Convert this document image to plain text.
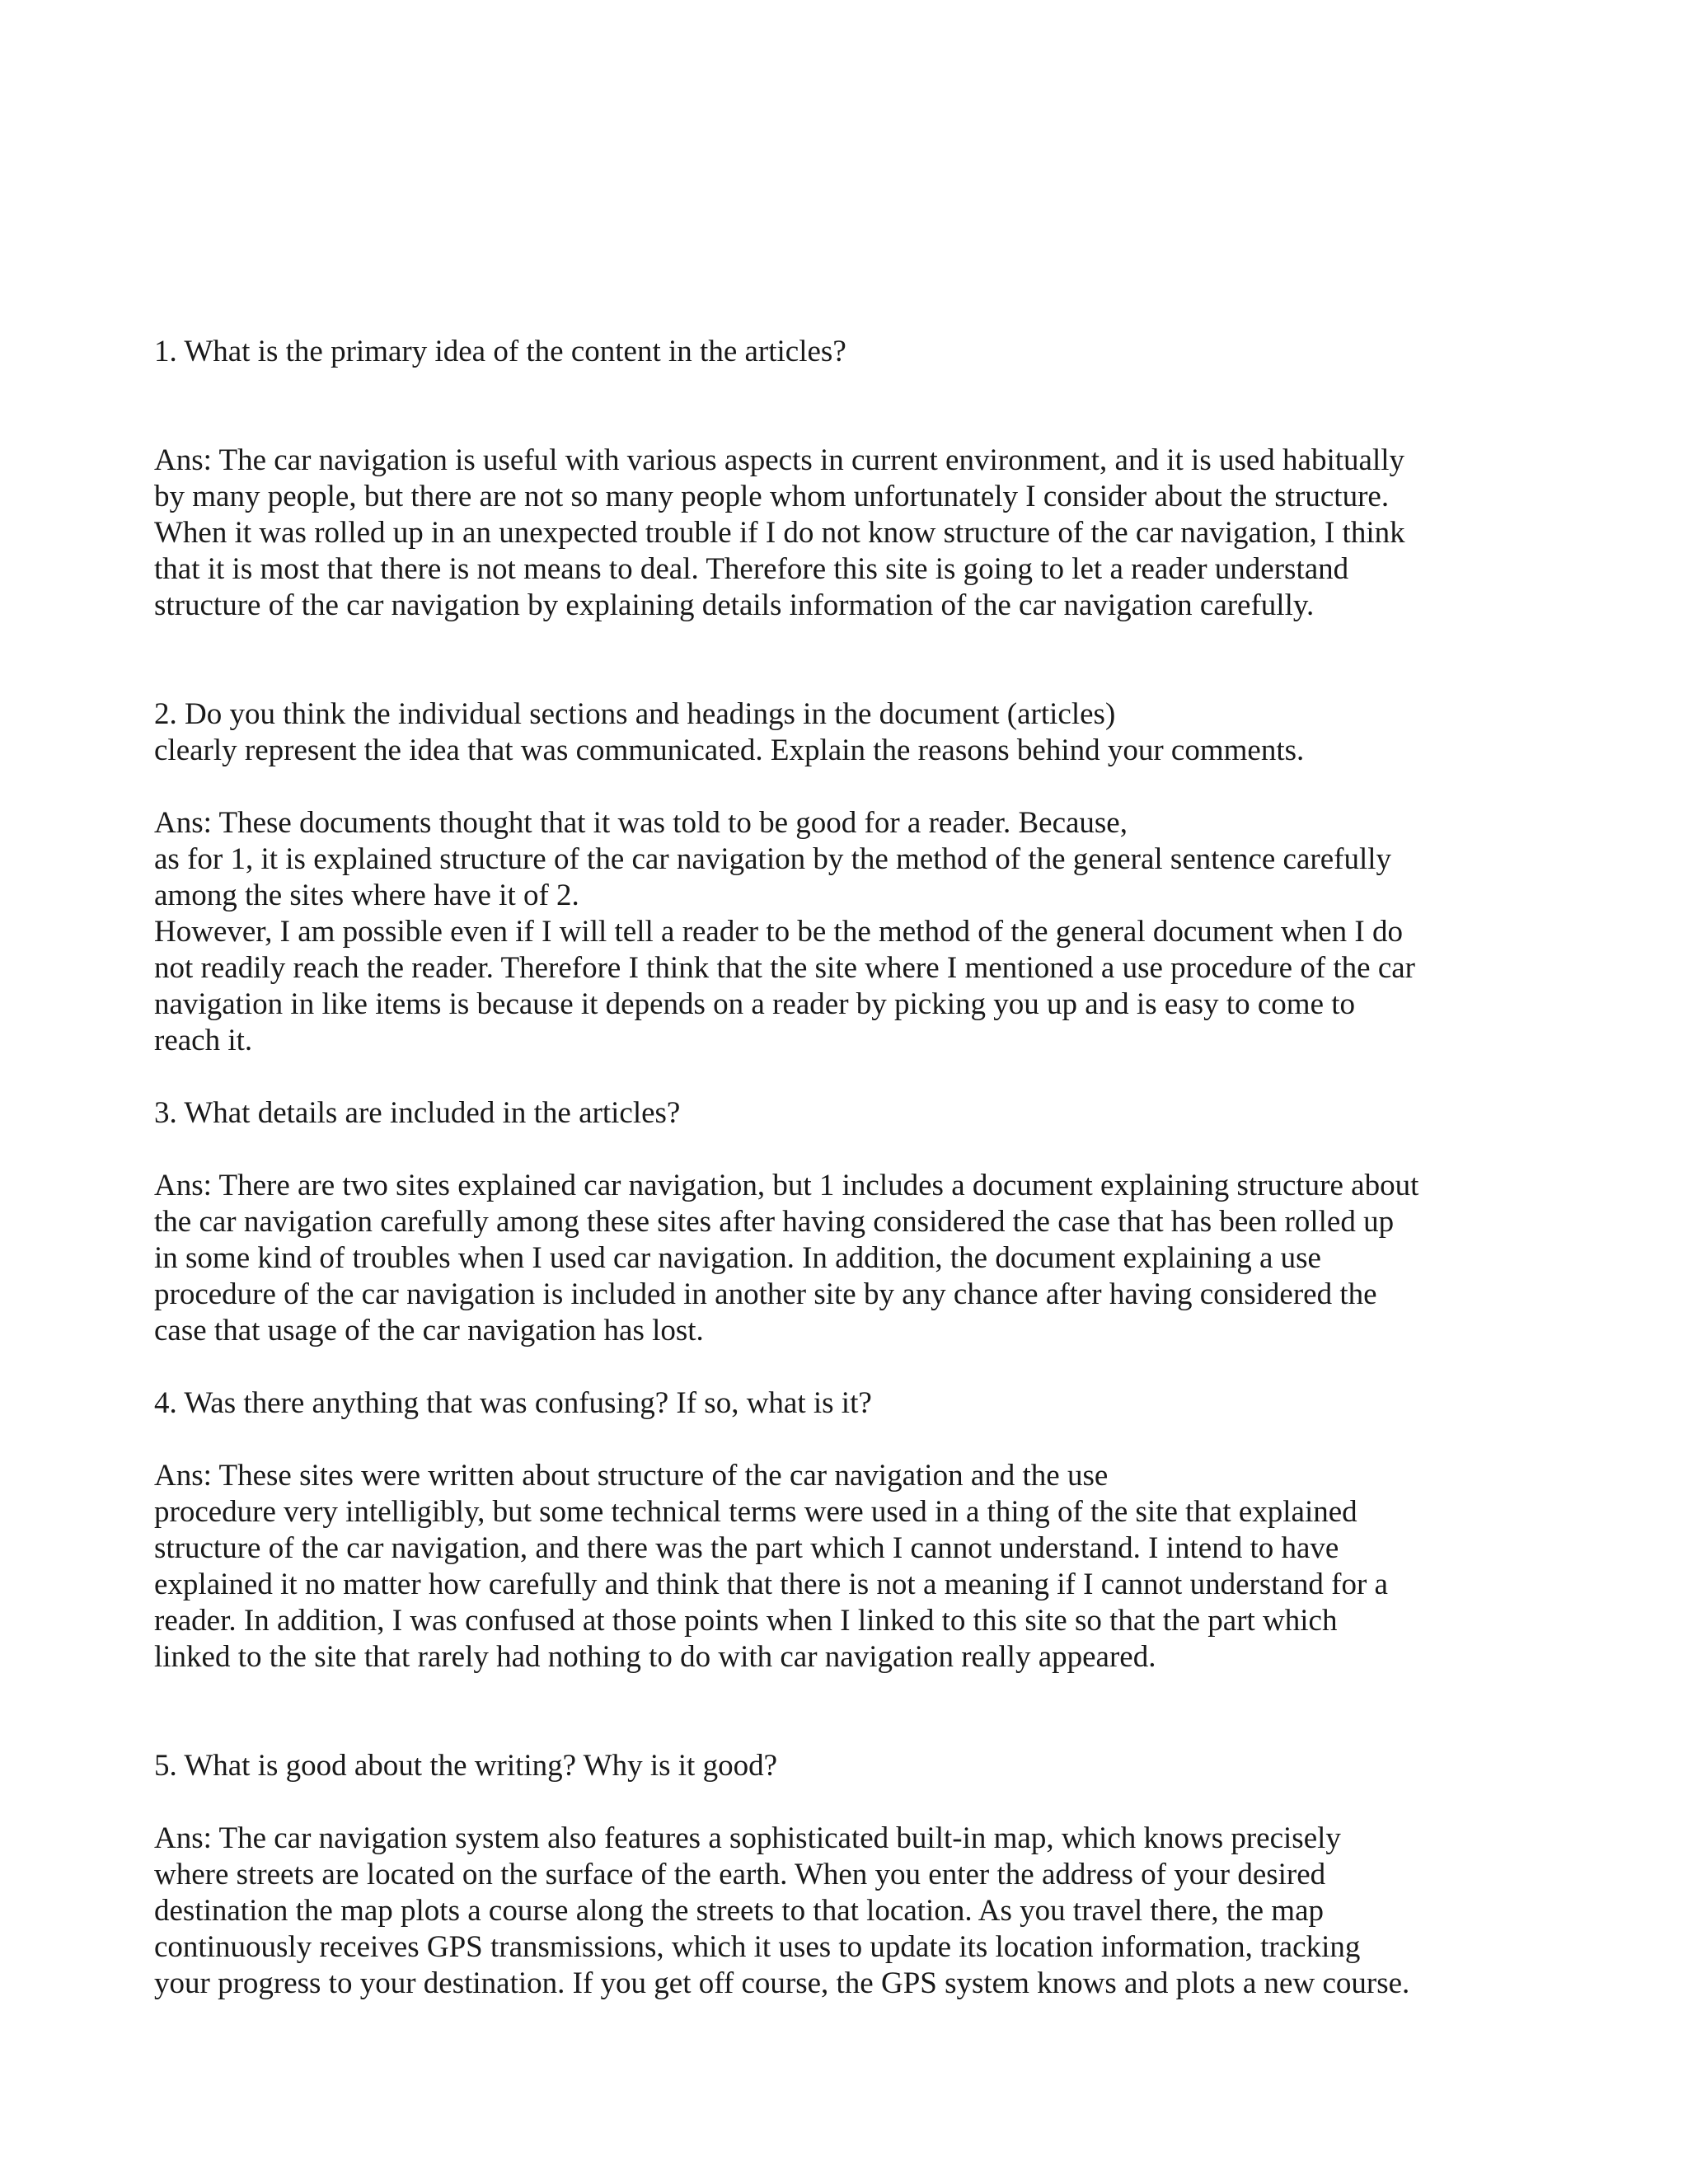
1. What is the primary idea of the content in the articles?
Ans: The car navigation is useful with various aspects in current environment, and it is used habitually
by many people, but there are not so many people whom unfortunately I consider about the structure.
When it was rolled up in an unexpected trouble if I do not know structure of the car navigation, I think
that it is most that there is not means to deal. Therefore this site is going to let a reader understand
structure of the car navigation by explaining details information of the car navigation carefully.
2. Do you think the individual sections and headings in the document (articles)
clearly represent the idea that was communicated. Explain the reasons behind your comments.
Ans: These documents thought that it was told to be good for a reader. Because,
as for 1, it is explained structure of the car navigation by the method of the general sentence carefully
among the sites where have it of 2.
However, I am possible even if I will tell a reader to be the method of the general document when I do
not readily reach the reader. Therefore I think that the site where I mentioned a use procedure of the car
navigation in like items is because it depends on a reader by picking you up and is easy to come to
reach it.
3. What details are included in the articles?
Ans: There are two sites explained car navigation, but 1 includes a document explaining structure about
the car navigation carefully among these sites after having considered the case that has been rolled up
in some kind of troubles when I used car navigation. In addition, the document explaining a use
procedure of the car navigation is included in another site by any chance after having considered the
case that usage of the car navigation has lost.
4. Was there anything that was confusing? If so, what is it?
Ans: These sites were written about structure of the car navigation and the use
procedure very intelligibly, but some technical terms were used in a thing of the site that explained
structure of the car navigation, and there was the part which I cannot understand. I intend to have
explained it no matter how carefully and think that there is not a meaning if I cannot understand for a
reader. In addition, I was confused at those points when I linked to this site so that the part which
linked to the site that rarely had nothing to do with car navigation really appeared.
5. What is good about the writing? Why is it good?
Ans: The car navigation system also features a sophisticated built-in map, which knows precisely
where streets are located on the surface of the earth. When you enter the address of your desired
destination the map plots a course along the streets to that location. As you travel there, the map
continuously receives GPS transmissions, which it uses to update its location information, tracking
your progress to your destination. If you get off course, the GPS system knows and plots a new course.
